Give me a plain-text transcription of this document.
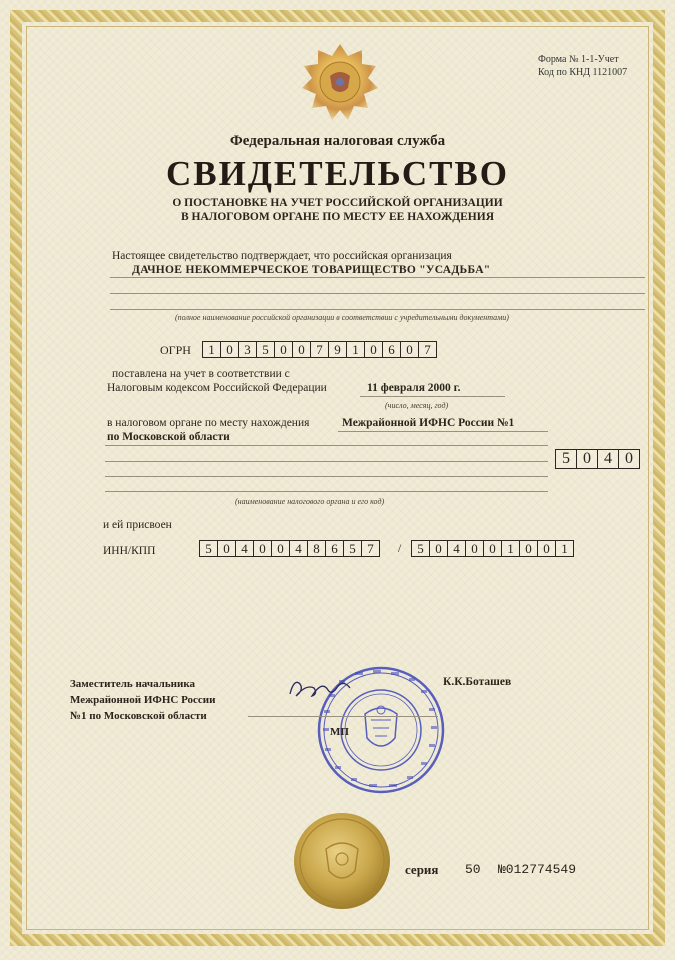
Форма № 1-1-Учет
Код по КНД 1121007
Федеральная налоговая служба
СВИДЕТЕЛЬСТВО
О ПОСТАНОВКЕ НА УЧЕТ РОССИЙСКОЙ ОРГАНИЗАЦИИ
В НАЛОГОВОМ ОРГАНЕ ПО МЕСТУ ЕЕ НАХОЖДЕНИЯ
Настоящее свидетельство подтверждает, что российская организация
ДАЧНОЕ НЕКОММЕРЧЕСКОЕ ТОВАРИЩЕСТВО "УСАДЬБА"
(полное наименование российской организации в соответствии с учредительными документами)
ОГРН	1 0 3 5 0 0 7 9 1 0 6 0 7
поставлена на учет в соответствии с
Налоговым кодексом Российской Федерации	11 февраля 2000 г.
(число, месяц, год)
в налоговом органе по месту нахождения	Межрайонной ИФНС России №1
по Московской области
5 0 4 0
(наименование налогового органа и его код)
и ей присвоен
ИНН/КПП	5 0 4 0 0 4 8 6 5 7	/	5 0 4 0 0 1 0 0 1
МП
Заместитель начальника
Межрайонной ИФНС России
№1 по Московской области
К.К.Боташев
серия 50 №012774549
